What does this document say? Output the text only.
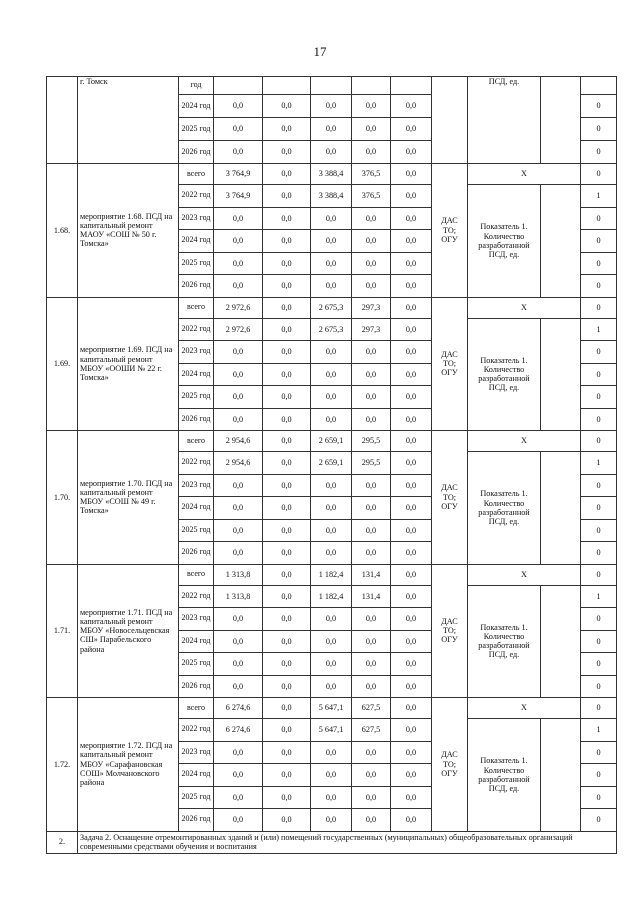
17
	г. Томск	год							ПСД, ед.		
		2024 год	0,0	0,0	0,0	0,0	0,0				0
		2025 год	0,0	0,0	0,0	0,0	0,0				0
		2026 год	0,0	0,0	0,0	0,0	0,0				0
1.68.	мероприятие 1.68. ПСД на капитальный ремонт МАОУ «СОШ № 50 г. Томска»	всего	3 764,9	0,0	3 388,4	376,5	0,0	ДАС ТО; ОГУ	X		0
		2022 год	3 764,9	0,0	3 388,4	376,5	0,0		Показатель 1. Количество разработанной ПСД, ед.		1
		2023 год	0,0	0,0	0,0	0,0	0,0				0
		2024 год	0,0	0,0	0,0	0,0	0,0				0
		2025 год	0,0	0,0	0,0	0,0	0,0				0
		2026 год	0,0	0,0	0,0	0,0	0,0				0
1.69.	мероприятие 1.69. ПСД на капитальный ремонт МБОУ «ООШИ № 22 г. Томска»	всего	2 972,6	0,0	2 675,3	297,3	0,0	ДАС ТО; ОГУ	X		0
		2022 год	2 972,6	0,0	2 675,3	297,3	0,0		Показатель 1. Количество разработанной ПСД, ед.		1
		2023 год	0,0	0,0	0,0	0,0	0,0				0
		2024 год	0,0	0,0	0,0	0,0	0,0				0
		2025 год	0,0	0,0	0,0	0,0	0,0				0
		2026 год	0,0	0,0	0,0	0,0	0,0				0
1.70.	мероприятие 1.70. ПСД на капитальный ремонт МБОУ «СОШ № 49 г. Томска»	всего	2 954,6	0,0	2 659,1	295,5	0,0	ДАС ТО; ОГУ	X		0
		2022 год	2 954,6	0,0	2 659,1	295,5	0,0		Показатель 1. Количество разработанной ПСД, ед.		1
		2023 год	0,0	0,0	0,0	0,0	0,0				0
		2024 год	0,0	0,0	0,0	0,0	0,0				0
		2025 год	0,0	0,0	0,0	0,0	0,0				0
		2026 год	0,0	0,0	0,0	0,0	0,0				0
1.71.	мероприятие 1.71. ПСД на капитальный ремонт МБОУ «Новосельцевская СШ» Парабельского района	всего	1 313,8	0,0	1 182,4	131,4	0,0	ДАС ТО; ОГУ	X		0
		2022 год	1 313,8	0,0	1 182,4	131,4	0,0		Показатель 1. Количество разработанной ПСД, ед.		1
		2023 год	0,0	0,0	0,0	0,0	0,0				0
		2024 год	0,0	0,0	0,0	0,0	0,0				0
		2025 год	0,0	0,0	0,0	0,0	0,0				0
		2026 год	0,0	0,0	0,0	0,0	0,0				0
1.72.	мероприятие 1.72. ПСД на капитальный ремонт МБОУ «Сарафановская СОШ» Молчановского района	всего	6 274,6	0,0	5 647,1	627,5	0,0	ДАС ТО; ОГУ	X		0
		2022 год	6 274,6	0,0	5 647,1	627,5	0,0		Показатель 1. Количество разработанной ПСД, ед.		1
		2023 год	0,0	0,0	0,0	0,0	0,0				0
		2024 год	0,0	0,0	0,0	0,0	0,0				0
		2025 год	0,0	0,0	0,0	0,0	0,0				0
		2026 год	0,0	0,0	0,0	0,0	0,0				0
2.	Задача 2. Оснащение отремонтированных зданий и (или) помещений государственных (муниципальных) общеобразовательных организаций современными средствами обучения и воспитания										
